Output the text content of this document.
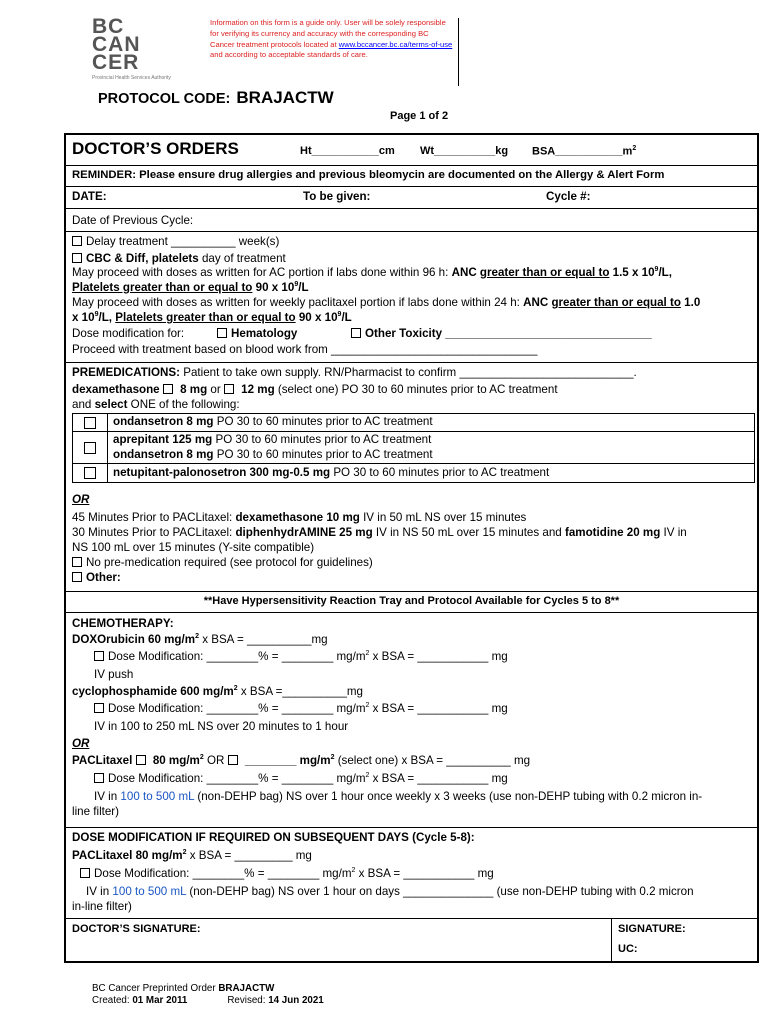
BC
CAN
CER
Provincial Health Services Authority
Information on this form is a guide only. User will be solely responsible for verifying its currency and accuracy with the corresponding BC Cancer treatment protocols located at www.bccancer.bc.ca/terms-of-use and according to acceptable standards of care.
PROTOCOL CODE: BRAJACTW
Page 1 of 2
DOCTOR’S ORDERS	Ht___________cm Wt__________kg $BSA\_\_\_\_\_\_\_\_\_\_\_m^2$
REMINDER: Please ensure drug allergies and previous bleomycin are documented on the Allergy & Alert Form
DATE:	To be given:	Cycle #:
Date of Previous Cycle:
Delay treatment __________ week(s)
CBC & Diff, platelets day of treatment
May proceed with doses as written for AC portion if labs done within 96 h: ANC greater than or equal to 1.5 x $10^9/L$,
Platelets greater than or equal to 90 x $10^9/L$
May proceed with doses as written for weekly paclitaxel portion if labs done within 24 h: ANC greater than or equal to 1.0
x $10^9/L$, Platelets greater than or equal to 90 x $10^9/L$
Dose modification for:	Hematology	Other Toxicity ________________________________
Proceed with treatment based on blood work from ________________________________
PREMEDICATIONS: Patient to take own supply. RN/Pharmacist to confirm ___________________________.
dexamethasone  8 mg or  12 mg (select one) PO 30 to 60 minutes prior to AC treatment
and select ONE of the following:
ondansetron 8 mg PO 30 to 60 minutes prior to AC treatment
aprepitant 125 mg PO 30 to 60 minutes prior to AC treatment
ondansetron 8 mg PO 30 to 60 minutes prior to AC treatment
netupitant-palonosetron 300 mg-0.5 mg PO 30 to 60 minutes prior to AC treatment
OR
45 Minutes Prior to PACLitaxel: dexamethasone 10 mg IV in 50 mL NS over 15 minutes
30 Minutes Prior to PACLitaxel: diphenhydrAMINE 25 mg IV in NS 50 mL over 15 minutes and famotidine 20 mg IV in
NS 100 mL over 15 minutes (Y-site compatible)
No pre-medication required (see protocol for guidelines)
Other:
**Have Hypersensitivity Reaction Tray and Protocol Available for Cycles 5 to 8**
CHEMOTHERAPY:
DOXOrubicin 60 $mg/m^2$ x BSA = __________mg
Dose Modification: ________% = ________ $mg/m^2$ x BSA = ___________ mg
IV push
cyclophosphamide 600 $mg/m^2$ x BSA =__________mg
Dose Modification: ________% = ________ $mg/m^2$ x BSA = ___________ mg
IV in 100 to 250 mL NS over 20 minutes to 1 hour
OR
PACLitaxel  80 $mg/m^2$ OR  ________ $mg/m^2$ (select one) x BSA = __________ mg
Dose Modification: ________% = ________ $mg/m^2$ x BSA = ___________ mg
IV in 100 to 500 mL (non-DEHP bag) NS over 1 hour once weekly x 3 weeks (use non-DEHP tubing with 0.2 micron in-
line filter)
DOSE MODIFICATION IF REQUIRED ON SUBSEQUENT DAYS (Cycle 5-8):
PACLitaxel 80 $mg/m^2$ x BSA = _________ mg
Dose Modification: ________% = ________ $mg/m^2$ x BSA = ___________ mg
IV in 100 to 500 mL (non-DEHP bag) NS over 1 hour on days ______________ (use non-DEHP tubing with 0.2 micron
in-line filter)
DOCTOR’S SIGNATURE:	SIGNATURE:
UC:
BC Cancer Preprinted Order BRAJACTW
Created: 01 Mar 2011	Revised: 14 Jun 2021
